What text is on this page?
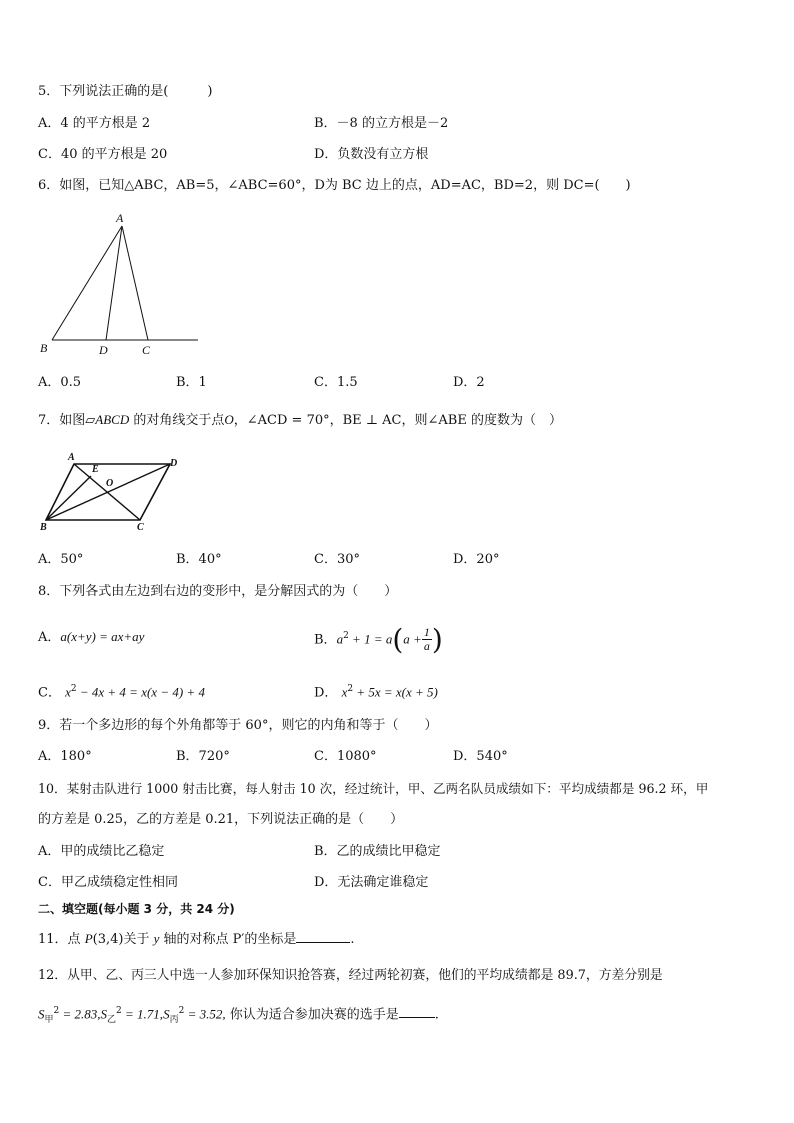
5．下列说法正确的是(　　　)
A．4 的平方根是 2	B．－8 的立方根是－2
C．40 的平方根是 20	D．负数没有立方根
6．如图，已知△ABC，AB=5，∠ABC=60°，D为 BC 边上的点，AD=AC，BD=2，则 DC=(　　)
A
B	D	C
A．0.5	B．1	C．1.5	D．2
7．如图▱ABCD 的对角线交于点O，∠ACD = 70°，BE ⊥ AC，则∠ABE 的度数为（　）
A
D
E
O
B	C
A．50°	B．40°	C．30°	D．20°
8．下列各式由左边到右边的变形中，是分解因式的为（　　）
A．a(x+y) = ax+ay	B．$a^2 + 1 = a(a + \frac{1}{a}$ )
C． $x^2 - 4x + 4 = x(x - 4) + 4$	D． $x^2 + 5x = x(x + 5)$
9．若一个多边形的每个外角都等于 60°，则它的内角和等于（　　）
A．180°	B．720°	C．1080°	D．540°
10．某射击队进行 1000 射击比赛，每人射击 10 次，经过统计，甲、乙两名队员成绩如下：平均成绩都是 96.2 环，甲
的方差是 0.25，乙的方差是 0.21，下列说法正确的是（　　）
A．甲的成绩比乙稳定	B．乙的成绩比甲稳定
C．甲乙成绩稳定性相同	D．无法确定谁稳定
二、填空题(每小题 3 分，共 24 分)
11．点 P(3,4)关于 y 轴的对称点 P′的坐标是	.
12．从甲、乙、丙三人中选一人参加环保知识抢答赛，经过两轮初赛，他们的平均成绩都是 89.7，方差分别是
$S_甲^2 = 2.83,S_乙^2 = 1.71,S_丙^2 = 3.52$, 你认为适合参加决赛的选手是	.
